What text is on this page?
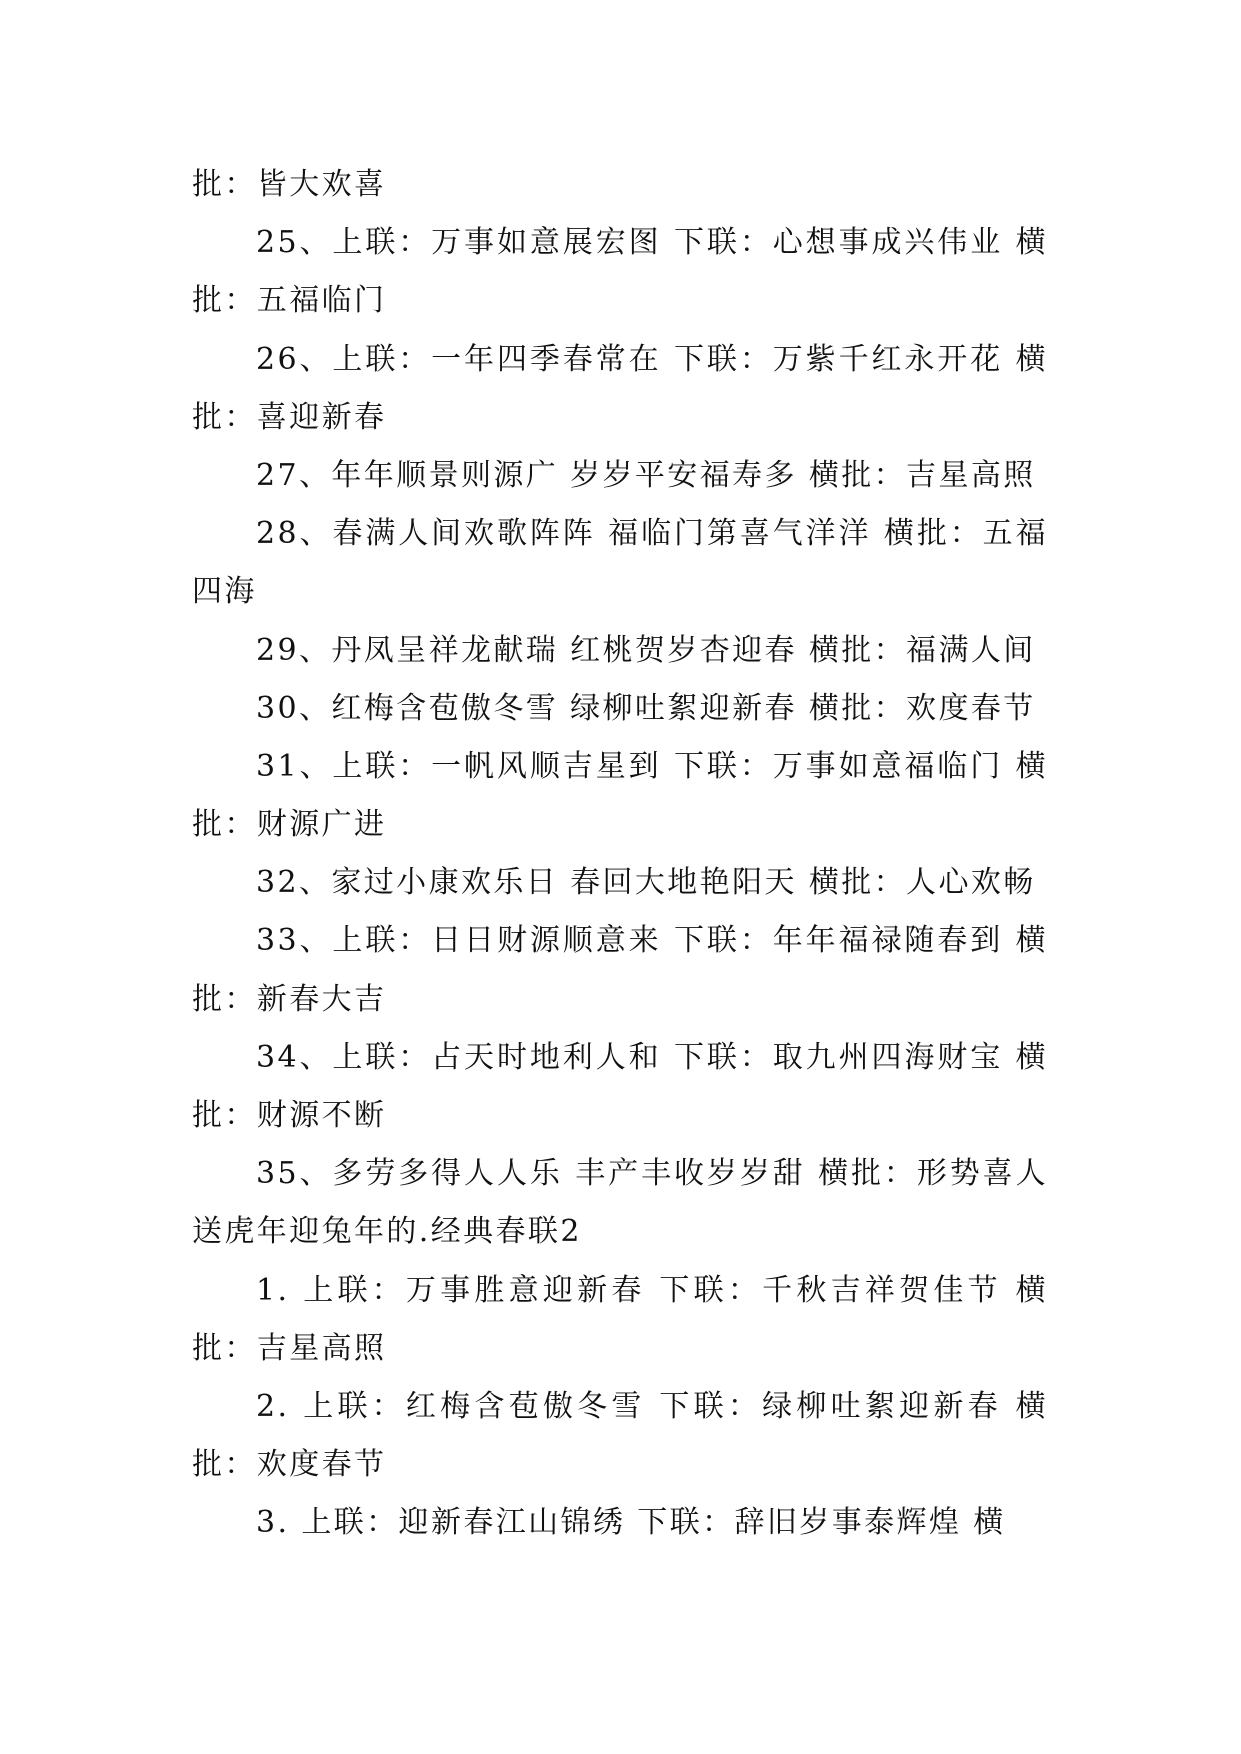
批：皆大欢喜
25、上联：万事如意展宏图 下联：心想事成兴伟业 横
批：五福临门
26、上联：一年四季春常在 下联：万紫千红永开花 横
批：喜迎新春
27、年年顺景则源广 岁岁平安福寿多 横批：吉星高照
28、春满人间欢歌阵阵 福临门第喜气洋洋 横批：五福
四海
29、丹凤呈祥龙献瑞 红桃贺岁杏迎春 横批：福满人间
30、红梅含苞傲冬雪 绿柳吐絮迎新春 横批：欢度春节
31、上联：一帆风顺吉星到 下联：万事如意福临门 横
批：财源广进
32、家过小康欢乐日 春回大地艳阳天 横批：人心欢畅
33、上联：日日财源顺意来 下联：年年福禄随春到 横
批：新春大吉
34、上联：占天时地利人和 下联：取九州四海财宝 横
批：财源不断
35、多劳多得人人乐 丰产丰收岁岁甜 横批：形势喜人
送虎年迎兔年的.经典春联2
1. 上联：万事胜意迎新春 下联：千秋吉祥贺佳节 横
批：吉星高照
2. 上联：红梅含苞傲冬雪 下联：绿柳吐絮迎新春 横
批：欢度春节
3. 上联：迎新春江山锦绣 下联：辞旧岁事泰辉煌 横
